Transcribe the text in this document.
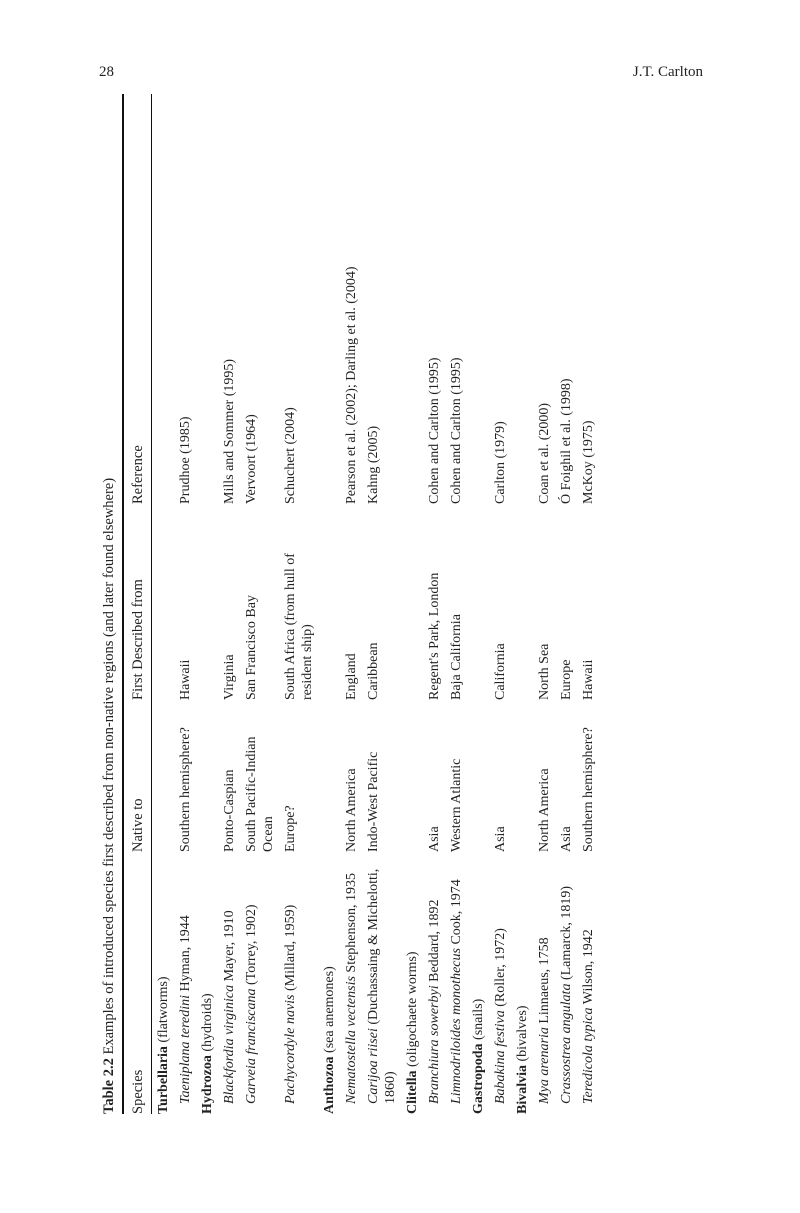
28	J.T. Carlton
Table 2.2 Examples of introduced species first described from non-native regions (and later found elsewhere)
Species
Native to
First Described from
Reference
Turbellaria (flatworms) Taeniplana teredini Hyman, 1944
Southern hemisphere?
Hawaii
Prudhoe (1985)
Hydrozoa (hydroids) Blackfordia virginica Mayer, 1910
Ponto-Caspian
Virginia
Mills and Sommer (1995)
Garveia franciscana (Torrey, 1902)
South Pacific-Indian Ocean
San Francisco Bay
Vervoort (1964)
Pachycordyle navis (Millard, 1959)
Europe?
South Africa (from hull of resident ship)
Schuchert (2004)
Anthozoa (sea anemones) Nematostella vectensis Stephenson, 1935
North America
England
Pearson et al. (2002); Darling et al. (2004)
Carijoa riisei (Duchassaing & Michelotti, 1860)
Indo-West Pacific
Caribbean
Kahng (2005)
Clitella (oligochaete worms) Branchiura sowerbyi Beddard, 1892
Asia
Regent's Park, London
Cohen and Carlton (1995)
Limnodriloides monothecus Cook, 1974
Western Atlantic
Baja California
Cohen and Carlton (1995)
Gastropoda (snails) Babakina festiva (Roller, 1972)
Asia
California
Carlton (1979)
Bivalvia (bivalves) Mya arenaria Linnaeus, 1758
North America
North Sea
Coan et al. (2000)
Crassostrea angulata (Lamarck, 1819)
Asia
Europe
Ó Foighil et al. (1998)
Teredicola typica Wilson, 1942
Southern hemisphere?
Hawaii
McKoy (1975)
